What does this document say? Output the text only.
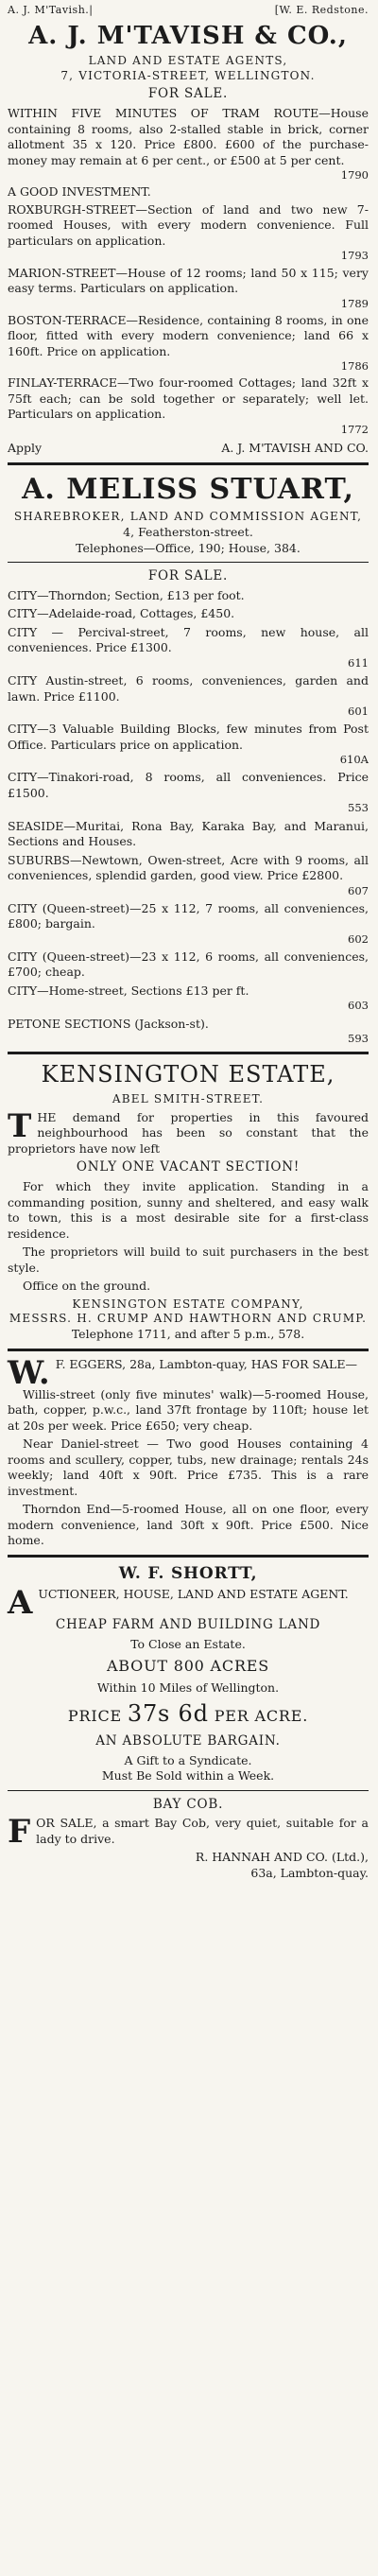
A. J. M'Tavish.|	[W. E. Redstone.
A. J. M'TAVISH & CO.,
LAND AND ESTATE AGENTS,
7, VICTORIA-STREET, WELLINGTON.
FOR SALE.
WITHIN FIVE MINUTES OF TRAM ROUTE—House containing 8 rooms, also 2-stalled stable in brick, corner allotment 35 x 120. Price £800. £600 of the purchase-money may remain at 6 per cent., or £500 at 5 per cent.
1790
A GOOD INVESTMENT.
ROXBURGH-STREET—Section of land and two new 7-roomed Houses, with every modern convenience. Full particulars on application.
1793
MARION-STREET—House of 12 rooms; land 50 x 115; very easy terms. Particulars on application.
1789
BOSTON-TERRACE—Residence, containing 8 rooms, in one floor, fitted with every modern convenience; land 66 x 160ft. Price on application.
1786
FINLAY-TERRACE—Two four-roomed Cottages; land 32ft x 75ft each; can be sold together or separately; well let. Particulars on application.
1772
Apply	A. J. M'TAVISH AND CO.
A. MELISS STUART,
SHAREBROKER, LAND AND COMMISSION AGENT,
4, Featherston-street.
Telephones—Office, 190; House, 384.
FOR SALE.
CITY—Thorndon; Section, £13 per foot.
CITY—Adelaide-road, Cottages, £450.
CITY — Percival-street, 7 rooms, new house, all conveniences. Price £1300.
611
CITY Austin-street, 6 rooms, conveniences, garden and lawn. Price £1100.
601
CITY—3 Valuable Building Blocks, few minutes from Post Office. Particulars price on application.
610A
CITY—Tinakori-road, 8 rooms, all conveniences. Price £1500.
553
SEASIDE—Muritai, Rona Bay, Karaka Bay, and Maranui, Sections and Houses.
SUBURBS—Newtown, Owen-street, Acre with 9 rooms, all conveniences, splendid garden, good view. Price £2800.
607
CITY (Queen-street)—25 x 112, 7 rooms, all conveniences, £800; bargain.
602
CITY (Queen-street)—23 x 112, 6 rooms, all conveniences, £700; cheap.
CITY—Home-street, Sections £13 per ft.
603
PETONE SECTIONS (Jackson-st).
593
KENSINGTON ESTATE,
ABEL SMITH-STREET.
T HE demand for properties in this favoured neighbourhood has been so constant that the proprietors have now left
ONLY ONE VACANT SECTION!

For which they invite application. Standing in a commanding position, sunny and sheltered, and easy walk to town, this is a most desirable site for a first-class residence.

The proprietors will build to suit purchasers in the best style.

Office on the ground.

KENSINGTON ESTATE COMPANY,
MESSRS. H. CRUMP AND HAWTHORN AND CRUMP.
Telephone 1711, and after 5 p.m., 578.
W. F. EGGERS, 28a, Lambton-quay, HAS FOR SALE—

Willis-street (only five minutes' walk)—5-roomed House, bath, copper, p.w.c., land 37ft frontage by 110ft; house let at 20s per week. Price £650; very cheap.

Near Daniel-street — Two good Houses containing 4 rooms and scullery, copper, tubs, new drainage; rentals 24s weekly; land 40ft x 90ft. Price £735. This is a rare investment.

Thorndon End—5-roomed House, all on one floor, every modern convenience, land 30ft x 90ft. Price £500. Nice home.

W. F. SHORTT,
A UCTIONEER, HOUSE, LAND AND ESTATE AGENT.
CHEAP FARM AND BUILDING LAND
To Close an Estate.
ABOUT 800 ACRES
Within 10 Miles of Wellington.
PRICE 37s 6d PER ACRE.
AN ABSOLUTE BARGAIN.
A Gift to a Syndicate.
Must Be Sold within a Week.
BAY COB.
F OR SALE, a smart Bay Cob, very quiet, suitable for a lady to drive.
R. HANNAH AND CO. (Ltd.),
63a, Lambton-quay.
